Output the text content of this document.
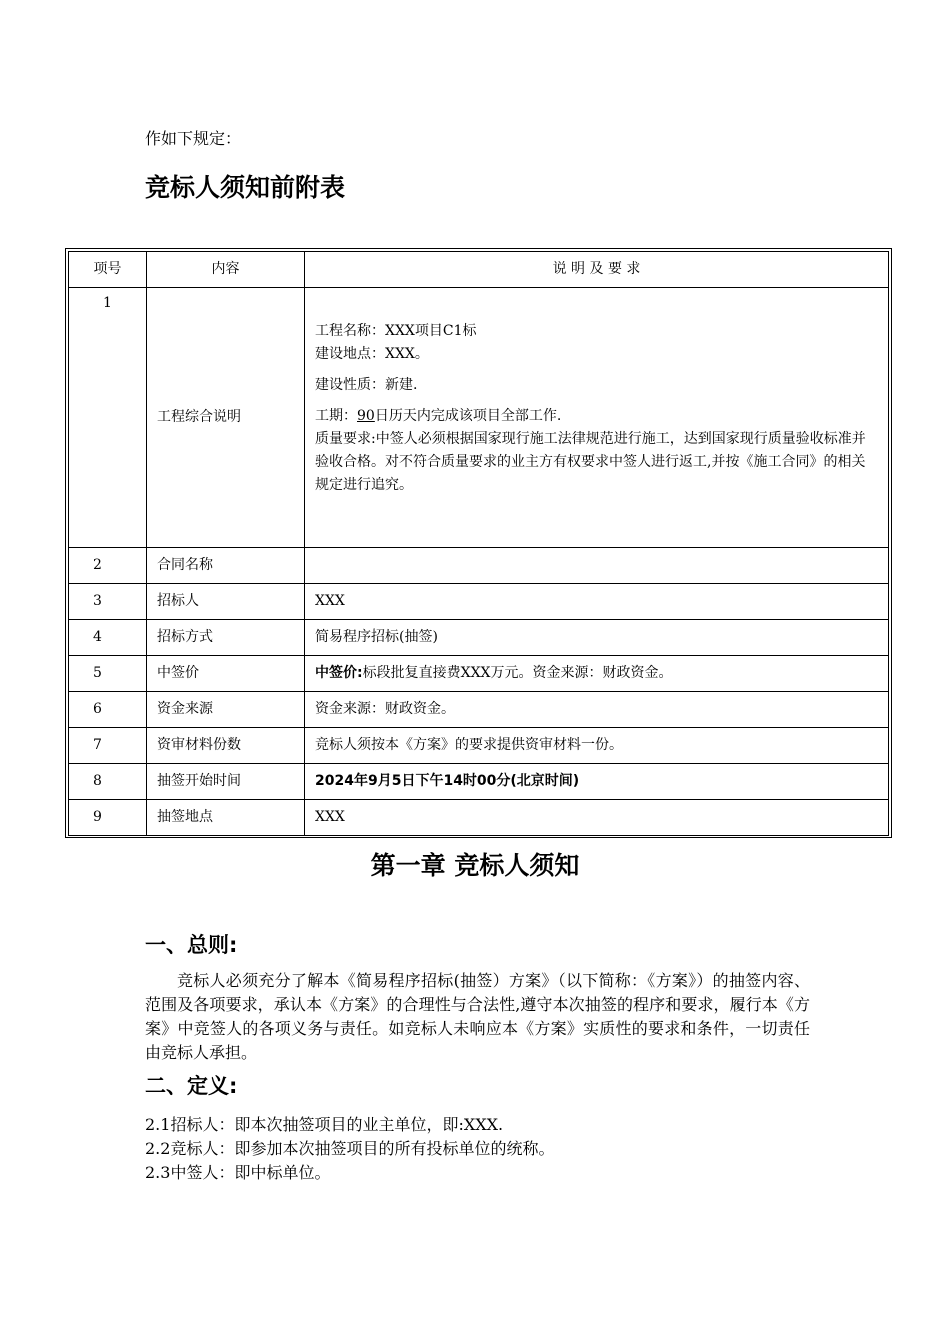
作如下规定：
竞标人须知前附表
项号	内容	说 明 及 要 求
1	工程综合说明	工程名称：XXX项目C1标
建设地点：XXX。
建设性质：新建.
工期：90日历天内完成该项目全部工作.
质量要求:中签人必须根据国家现行施工法律规范进行施工，达到国家现行质量验收标准并验收合格。对不符合质量要求的业主方有权要求中签人进行返工,并按《施工合同》的相关规定进行追究。

2	合同名称	
3	招标人	XXX
4	招标方式	简易程序招标(抽签)
5	中签价	中签价:标段批复直接费XXX万元。资金来源：财政资金。
6	资金来源	资金来源：财政资金。
7	资审材料份数	竞标人须按本《方案》的要求提供资审材料一份。
8	抽签开始时间	2024年9月5日下午14时00分(北京时间)
9	抽签地点	XXX
第一章 竞标人须知
一、总则:
竞标人必须充分了解本《简易程序招标(抽签）方案》（以下简称：《方案》）的抽签内容、范围及各项要求，承认本《方案》的合理性与合法性,遵守本次抽签的程序和要求，履行本《方案》中竞签人的各项义务与责任。如竞标人未响应本《方案》实质性的要求和条件，一切责任由竞标人承担。
二、定义:
2.1招标人：即本次抽签项目的业主单位，即:XXX.
2.2竞标人：即参加本次抽签项目的所有投标单位的统称。
2.3中签人：即中标单位。
